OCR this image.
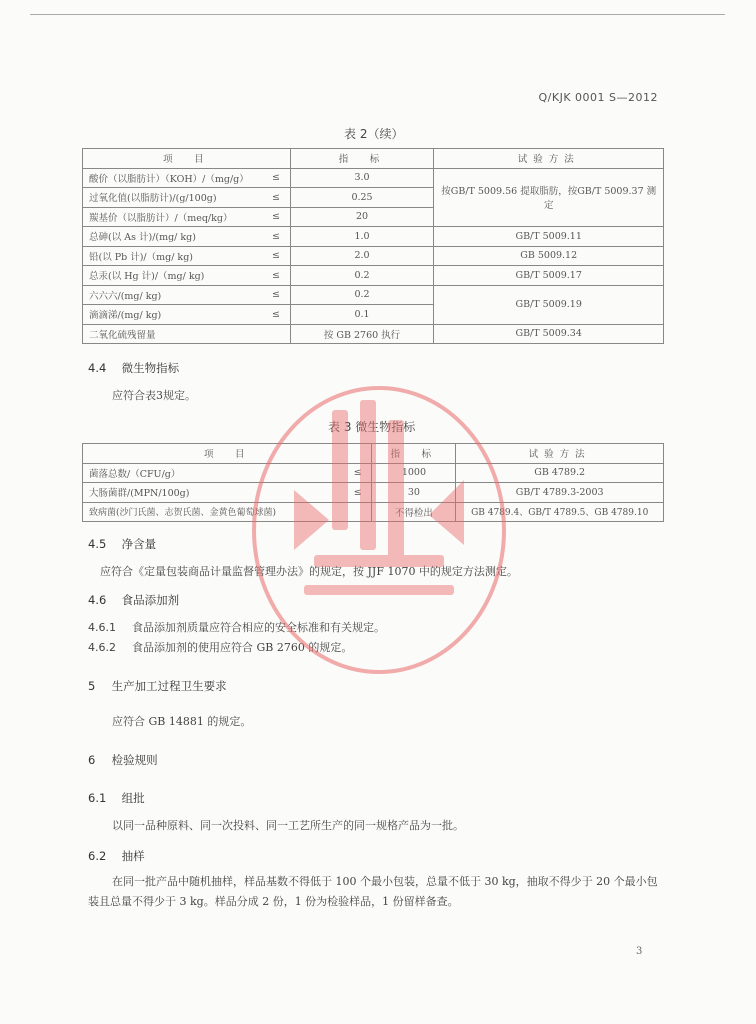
Q/KJK 0001 S—2012
表 2（续）
项　目		指　标	试验方法
酸价（以脂肪计）（KOH）/（mg/g）	≤	3.0	按GB/T 5009.56 提取脂肪，按GB/T 5009.37 测定
过氧化值(以脂肪计)/(g/100g)	≤	0.25	
羰基价（以脂肪计）/（meq/kg）	≤	20	
总砷(以 As 计)/(mg/ kg)	≤	1.0	GB/T 5009.11
铅(以 Pb 计)/（mg/ kg)	≤	2.0	GB 5009.12
总汞(以 Hg 计)/（mg/ kg)	≤	0.2	GB/T 5009.17
六六六/(mg/ kg)	≤	0.2	GB/T 5009.19
滴滴涕/(mg/ kg)	≤	0.1	
二氧化硫残留量		按 GB 2760 执行	GB/T 5009.34
4.4 微生物指标
应符合表3规定。
表 3 微生物指标
项　目		指　标	试验方法
菌落总数/（CFU/g）	≤	1000	GB 4789.2
大肠菌群/(MPN/100g)	≤	30	GB/T 4789.3-2003
致病菌(沙门氏菌、志贺氏菌、金黄色葡萄球菌)		不得检出	GB 4789.4、GB/T 4789.5、GB 4789.10
4.5 净含量
应符合《定量包装商品计量监督管理办法》的规定，按 JJF 1070 中的规定方法测定。
4.6 食品添加剂
4.6.1 食品添加剂质量应符合相应的安全标准和有关规定。
4.6.2 食品添加剂的使用应符合 GB 2760 的规定。
5 生产加工过程卫生要求
应符合 GB 14881 的规定。
6 检验规则
6.1 组批
以同一品种原料、同一次投料、同一工艺所生产的同一规格产品为一批。
6.2 抽样
在同一批产品中随机抽样，样品基数不得低于 100 个最小包装，总量不低于 30 kg，抽取不得少于 20 个最小包装且总量不得少于 3 kg。样品分成 2 份，1 份为检验样品，1 份留样备查。
3
